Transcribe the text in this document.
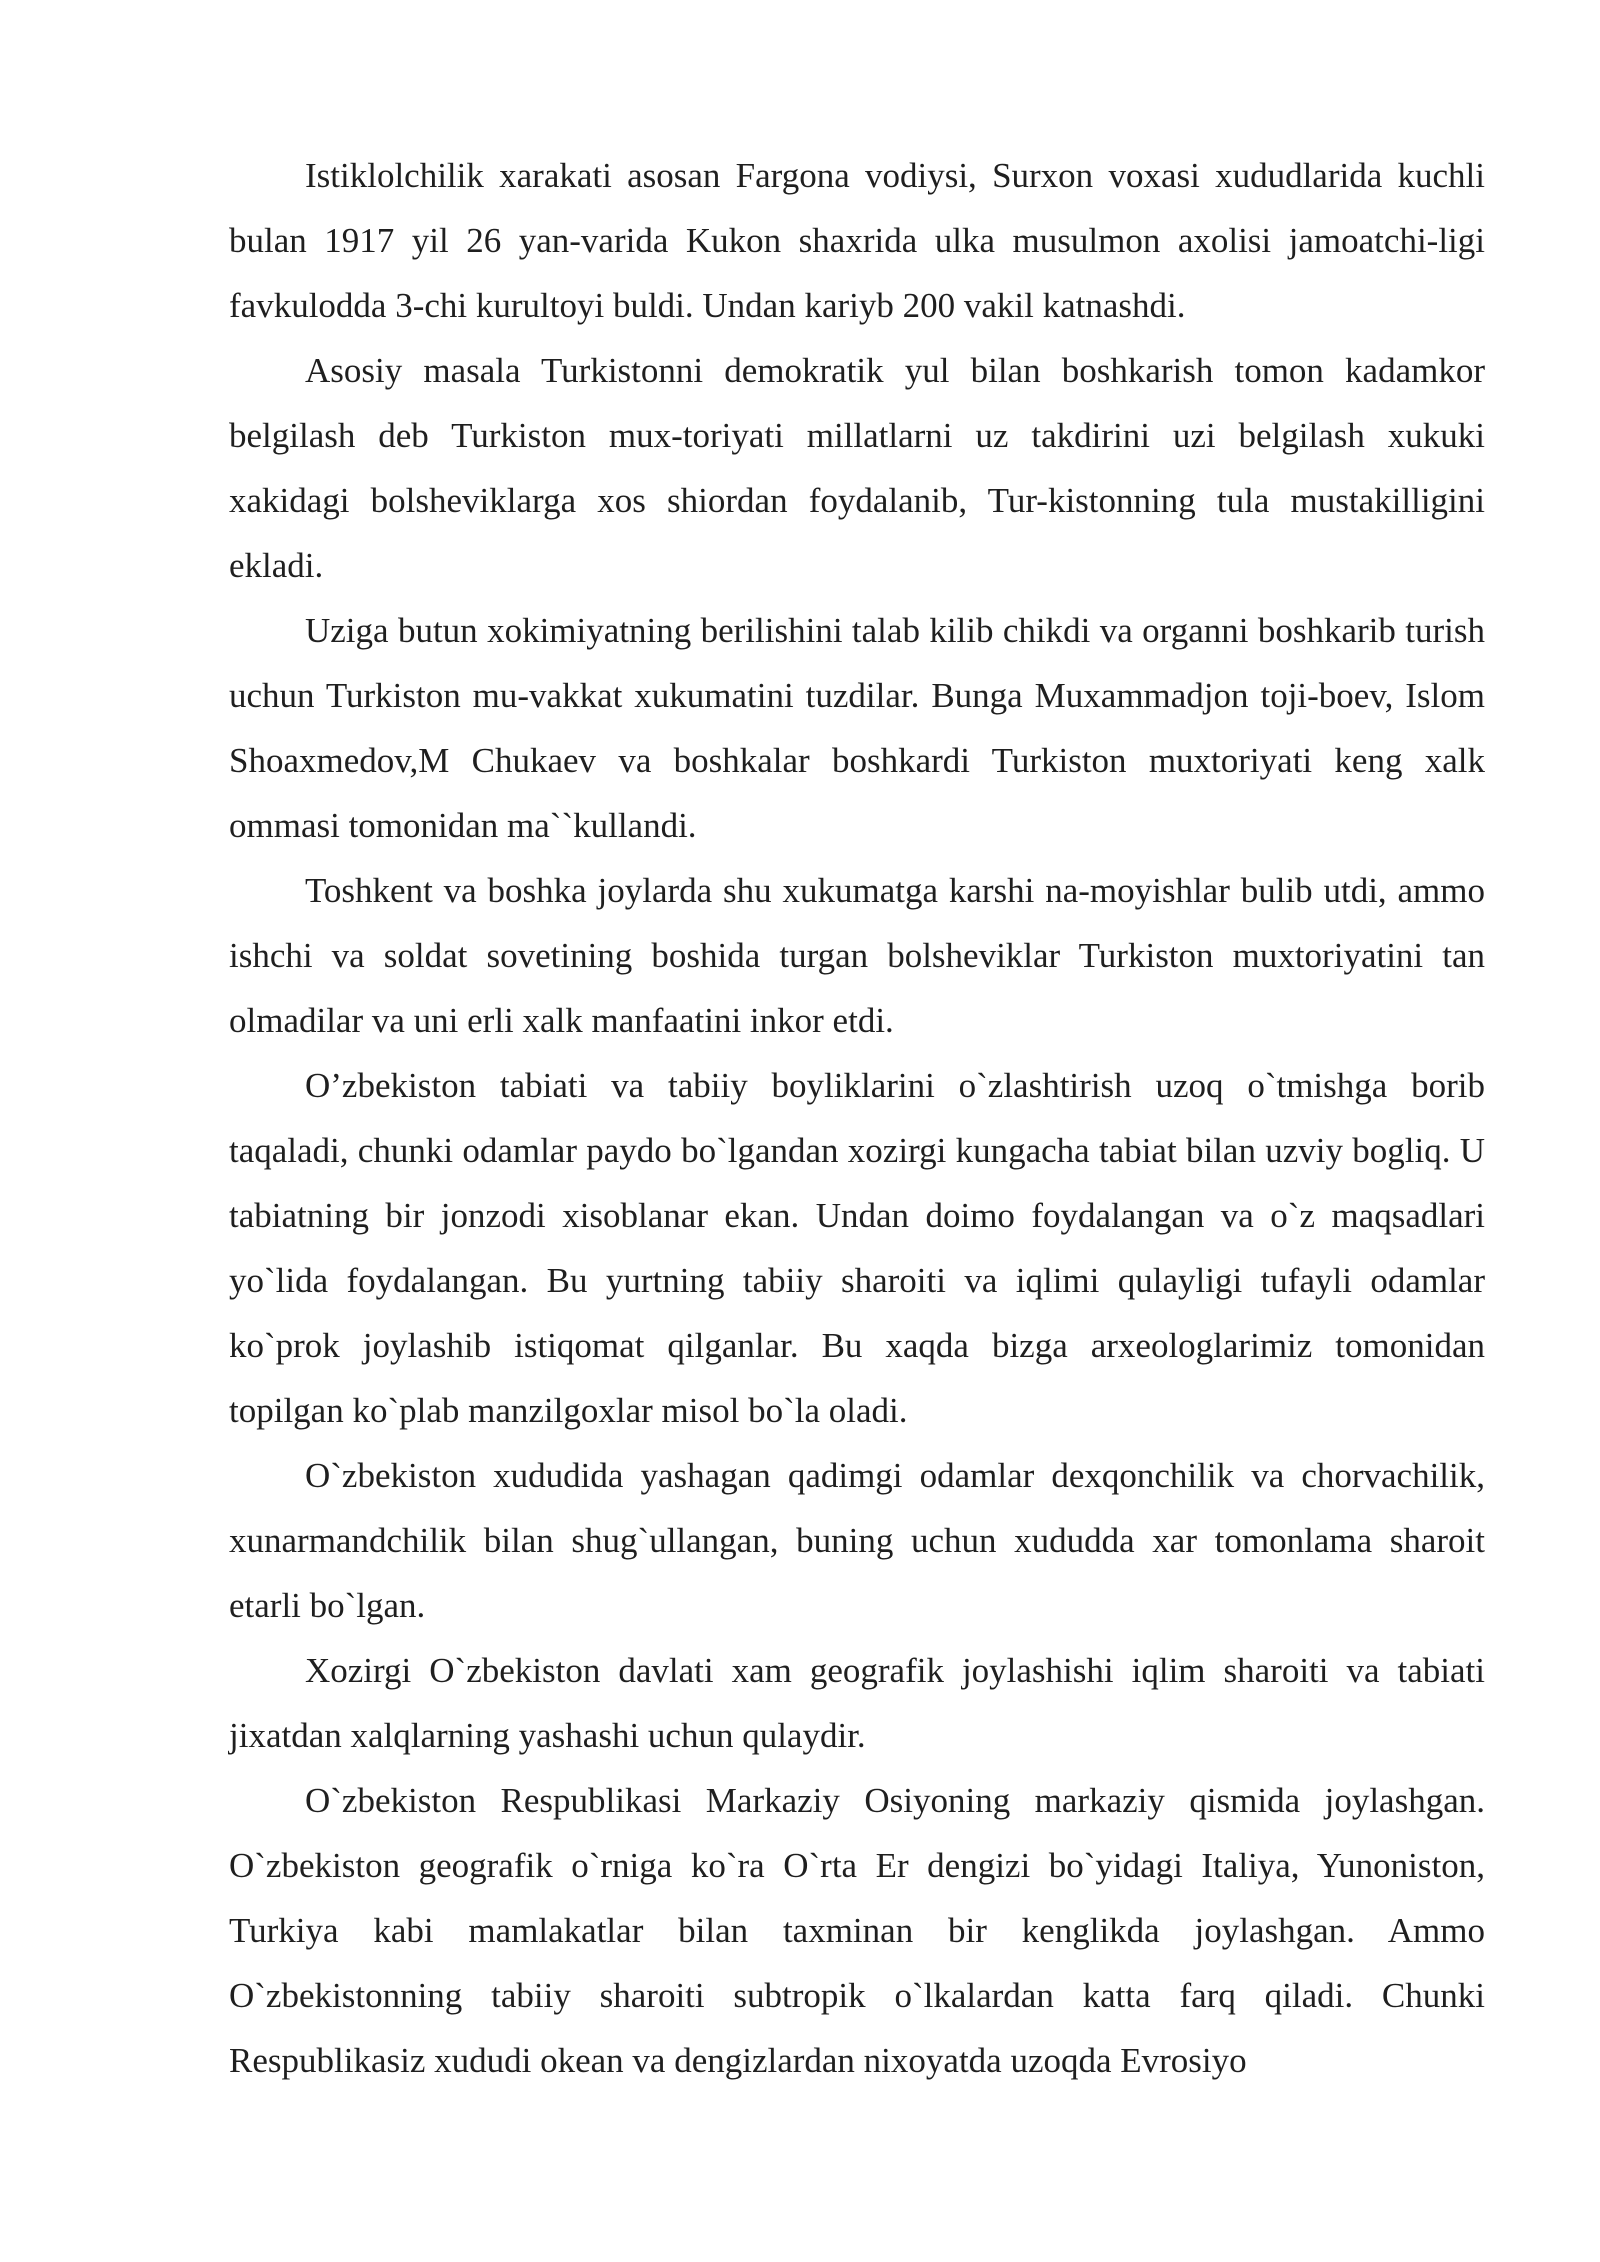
Istiklolchilik xarakati asosan Fargona vodiysi, Surxon voxasi xududlarida kuchli bulan 1917 yil 26 yan-varida Kukon shaxrida ulka musulmon axolisi jamoatchi-ligi favkulodda 3-chi kurultoyi buldi. Undan kariyb 200 vakil katnashdi.

Asosiy masala Turkistonni demokratik yul bilan boshkarish tomon kadamkor belgilash deb Turkiston mux-toriyati millatlarni uz takdirini uzi belgilash xukuki xakidagi bolsheviklarga xos shiordan foydalanib, Tur-kistonning tula mustakilligini ekladi.

Uziga butun xokimiyatning berilishini talab kilib chikdi va organni boshkarib turish uchun Turkiston mu-vakkat xukumatini tuzdilar. Bunga Muxammadjon toji-boev, Islom Shoaxmedov,M Chukaev va boshkalar boshkardi Turkiston muxtoriyati keng xalk ommasi tomonidan ma``kullandi.

Toshkent va boshka joylarda shu xukumatga karshi na-moyishlar bulib utdi, ammo ishchi va soldat sovetining boshida turgan bolsheviklar Turkiston muxtoriyatini tan olmadilar va uni erli xalk manfaatini inkor etdi.

O’zbekiston tabiati va tabiiy boyliklarini o`zlashtirish uzoq o`tmishga borib taqaladi, chunki odamlar paydo bo`lgandan xozirgi kungacha tabiat bilan uzviy bogliq. U tabiatning bir jonzodi xisoblanar ekan. Undan doimo foydalangan va o`z maqsadlari yo`lida foydalangan. Bu yurtning tabiiy sharoiti va iqlimi qulayligi tufayli odamlar ko`prok joylashib istiqomat qilganlar. Bu xaqda bizga arxeologlarimiz tomonidan topilgan ko`plab manzilgoxlar misol bo`la oladi.

O`zbekiston xududida yashagan qadimgi odamlar dexqonchilik va chorvachilik, xunarmandchilik bilan shug`ullangan, buning uchun xududda xar tomonlama sharoit etarli bo`lgan.

Xozirgi O`zbekiston davlati xam geografik joylashishi iqlim sharoiti va tabiati jixatdan xalqlarning yashashi uchun qulaydir.

O`zbekiston Respublikasi Markaziy Osiyoning markaziy qismida joylashgan. O`zbekiston geografik o`rniga ko`ra O`rta Er dengizi bo`yidagi Italiya, Yunoniston, Turkiya kabi mamlakatlar bilan taxminan bir kenglikda joylashgan. Ammo O`zbekistonning tabiiy sharoiti subtropik o`lkalardan katta farq qiladi. Chunki Respublikasiz xududi okean va dengizlardan nixoyatda uzoqda Evrosiyo
